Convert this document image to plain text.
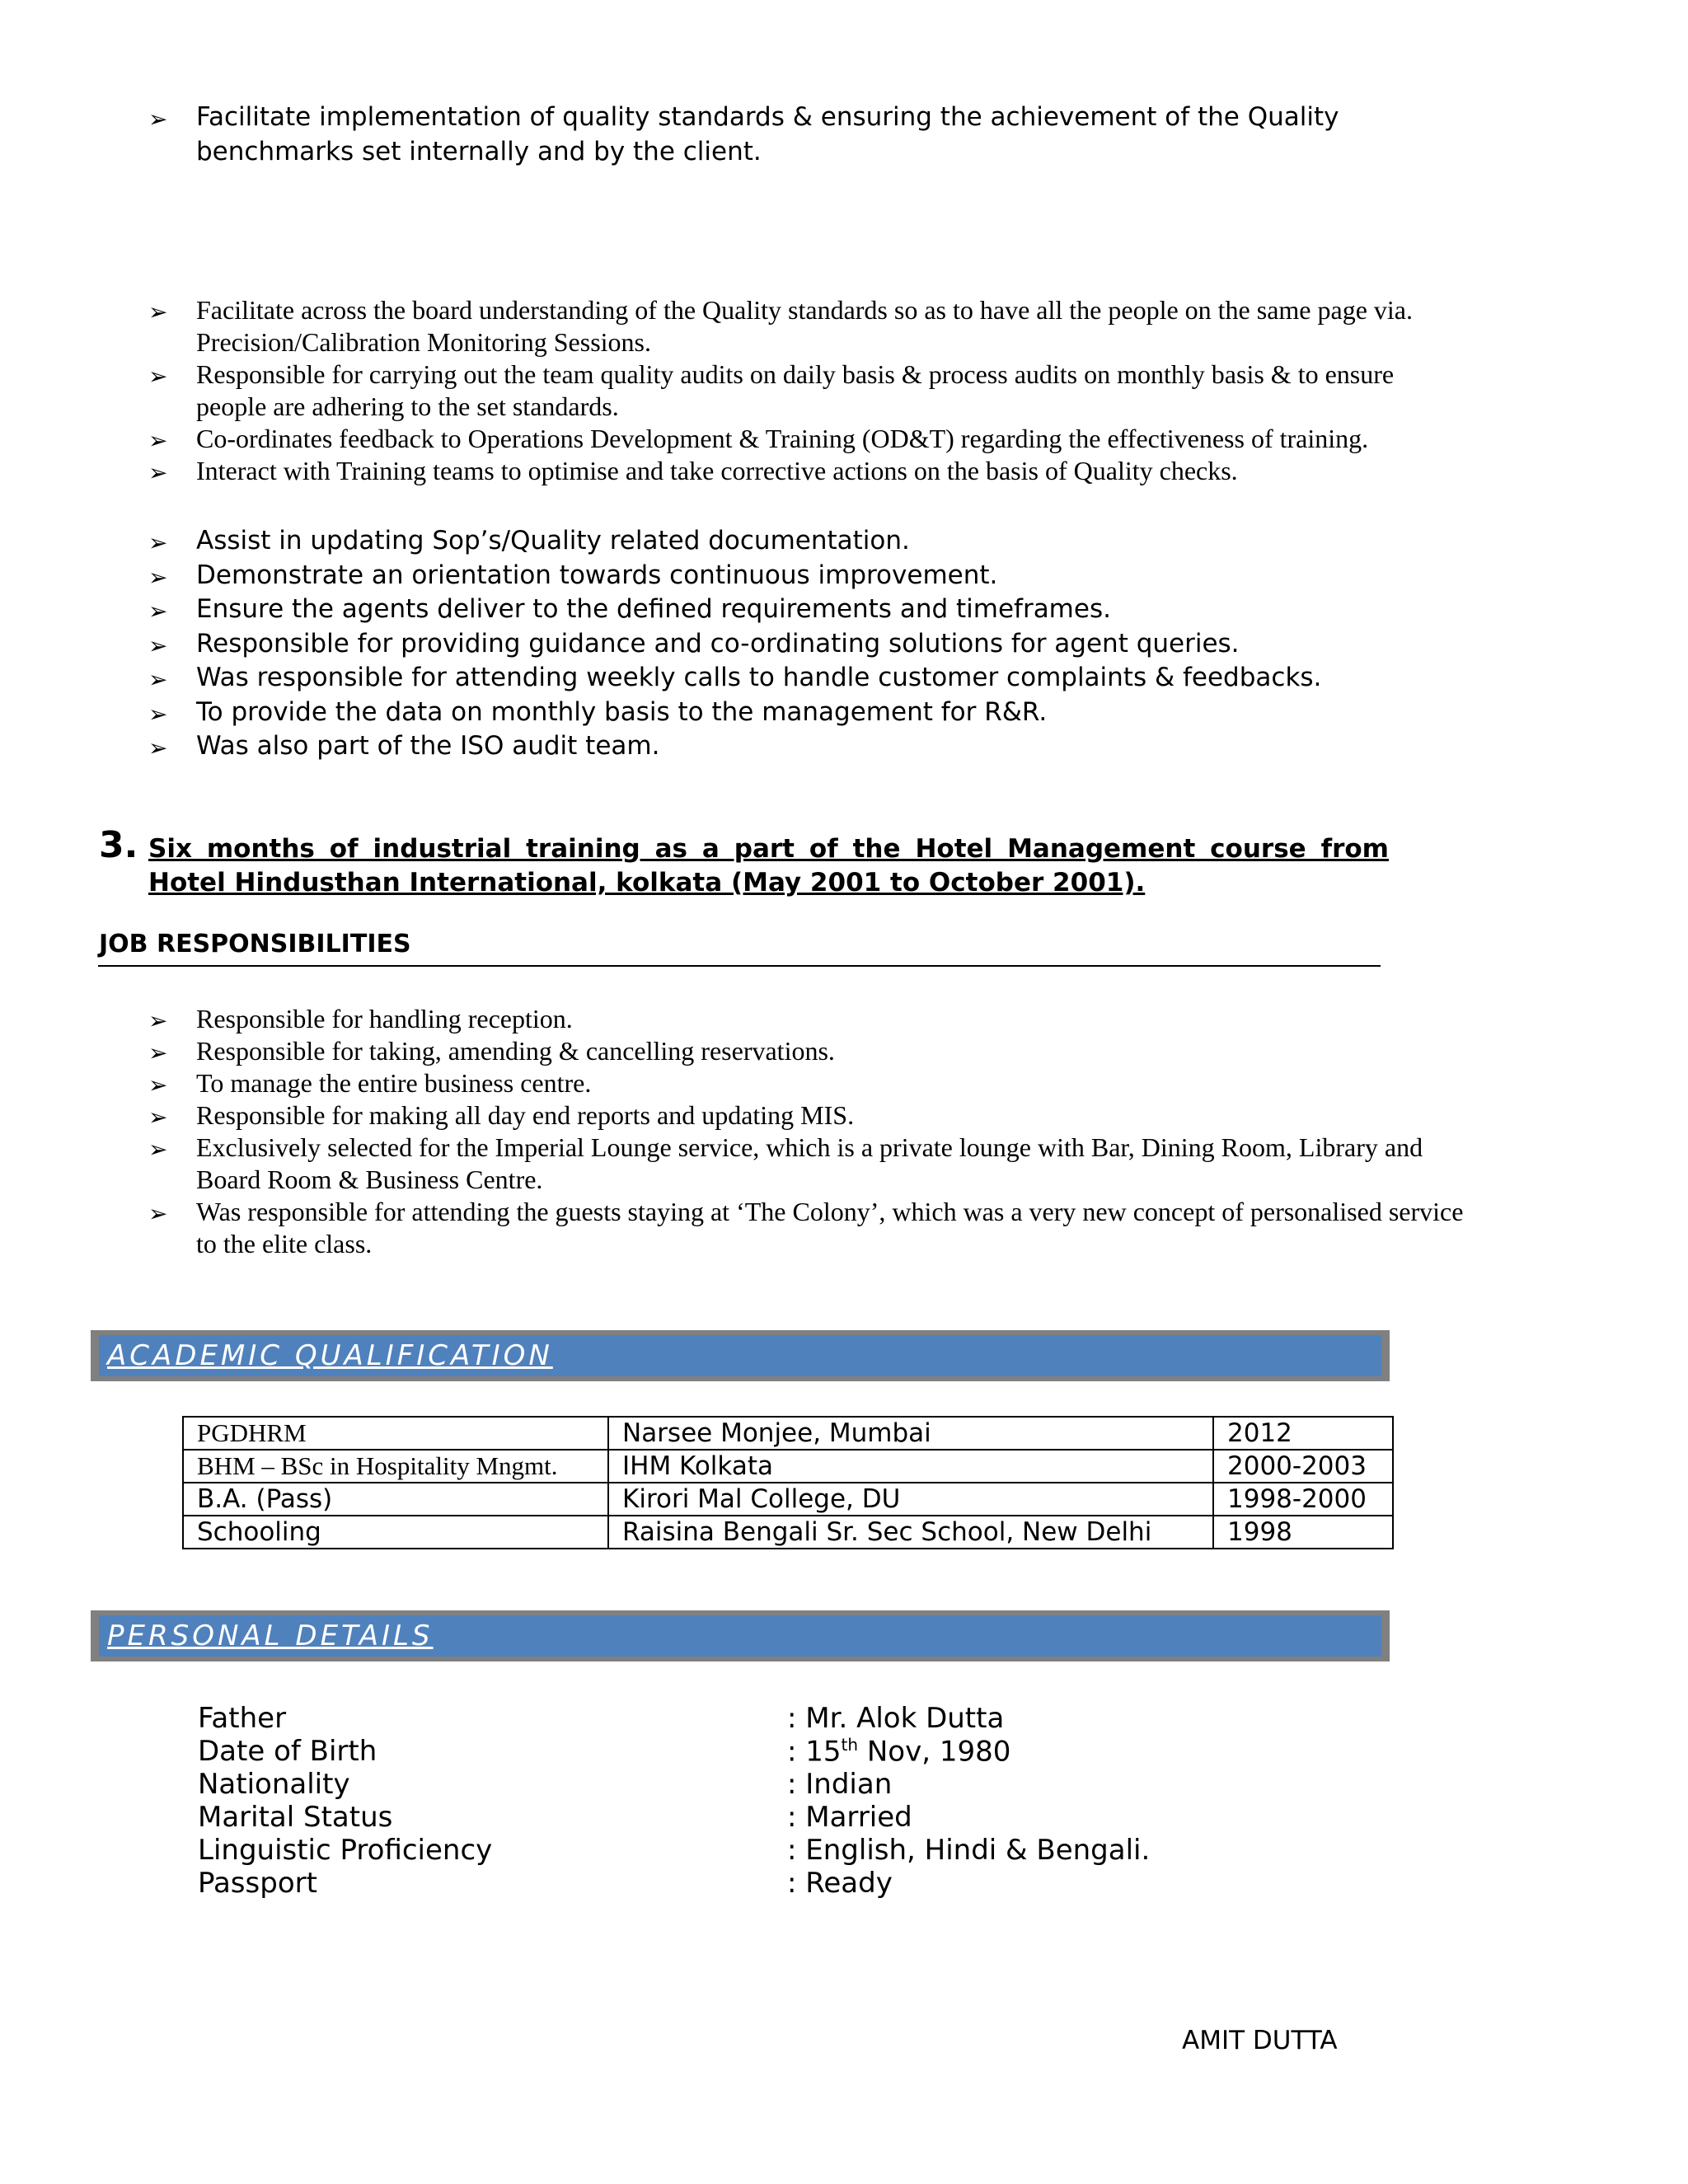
➢ Facilitate implementation of quality standards & ensuring the achievement of the Quality benchmarks set internally and by the client.
➢ Facilitate across the board understanding of the Quality standards so as to have all the people on the same page via. Precision/Calibration Monitoring Sessions.
➢ Responsible for carrying out the team quality audits on daily basis & process audits on monthly basis & to ensure people are adhering to the set standards.
➢ Co-ordinates feedback to Operations Development & Training (OD&T) regarding the effectiveness of training.
➢ Interact with Training teams to optimise and take corrective actions on the basis of Quality checks.
➢ Assist in updating Sop’s/Quality related documentation.
➢ Demonstrate an orientation towards continuous improvement.
➢ Ensure the agents deliver to the defined requirements and timeframes.
➢ Responsible for providing guidance and co-ordinating solutions for agent queries.
➢ Was responsible for attending weekly calls to handle customer complaints & feedbacks.
➢ To provide the data on monthly basis to the management for R&R.
➢ Was also part of the ISO audit team.
3. Six months of industrial training as a part of the Hotel Management course from Hotel Hindusthan International, kolkata (May 2001 to October 2001).
JOB RESPONSIBILITIES
➢ Responsible for handling reception.
➢ Responsible for taking, amending & cancelling reservations.
➢ To manage the entire business centre.
➢ Responsible for making all day end reports and updating MIS.
➢ Exclusively selected for the Imperial Lounge service, which is a private lounge with Bar, Dining Room, Library and Board Room & Business Centre.
➢ Was responsible for attending the guests staying at ‘The Colony’, which was a very new concept of personalised service to the elite class.
ACADEMIC QUALIFICATION
PGDHRM	Narsee Monjee, Mumbai	2012
BHM – BSc in Hospitality Mngmt.	IHM Kolkata	2000-2003
B.A. (Pass)	Kirori Mal College, DU	1998-2000
Schooling	Raisina Bengali Sr. Sec School, New Delhi	1998
PERSONAL DETAILS
Father	: Mr. Alok Dutta
Date of Birth	: 15th Nov, 1980
Nationality	: Indian
Marital Status	: Married
Linguistic Proficiency	: English, Hindi & Bengali.
Passport	: Ready
AMIT DUTTA
